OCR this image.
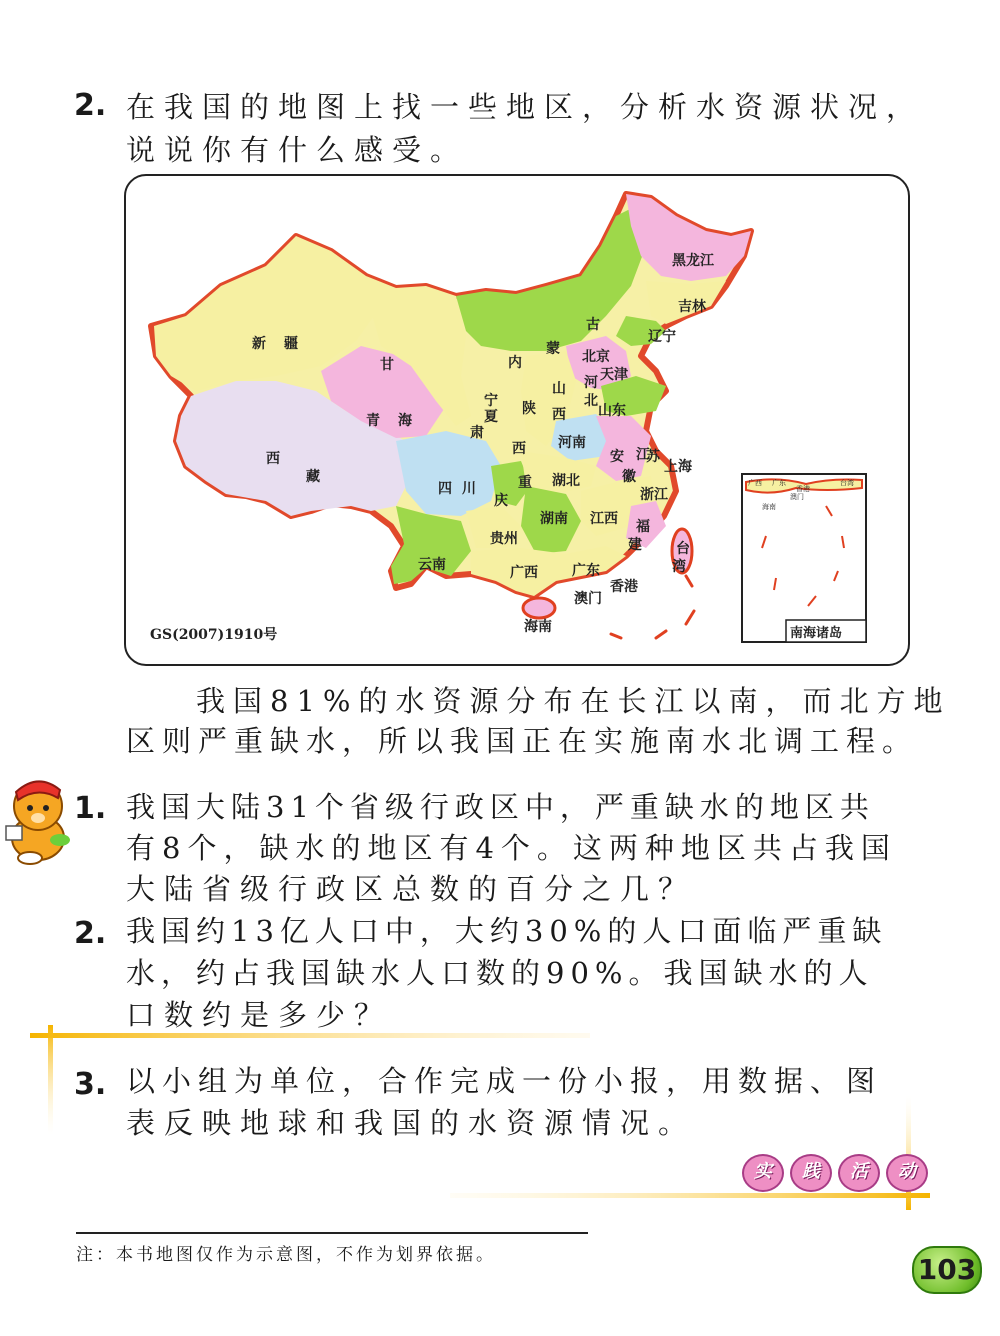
2. 在我国的地图上找一些地区，分析水资源状况，
说说你有什么感受。
新 疆
西
藏
青 海
甘
肃
内
蒙
古
黑龙江
吉林
辽宁
北京
天津
河
北
山
西
宁
夏 陕
西
山东
河南
江
苏
上海
安
徽
浙江
湖北
四 川	重
庆
湖南 江西 福
建 台
湾
贵州
云南	广西 广东
香港
澳门
海南
GS(2007)1910号	南海诸岛
广西 广东
香港
澳门
台湾
海南
我国81%的水资源分布在长江以南，而北方地
区则严重缺水，所以我国正在实施南水北调工程。
1. 我国大陆31个省级行政区中，严重缺水的地区共
有8个，缺水的地区有4个。这两种地区共占我国
大陆省级行政区总数的百分之几？
2. 我国约13亿人口中，大约30%的人口面临严重缺
水，约占我国缺水人口数的90%。我国缺水的人
口数约是多少？
3. 以小组为单位，合作完成一份小报，用数据、图
表反映地球和我国的水资源情况。
实 践 活 动
注：本书地图仅作为示意图，不作为划界依据。	103
